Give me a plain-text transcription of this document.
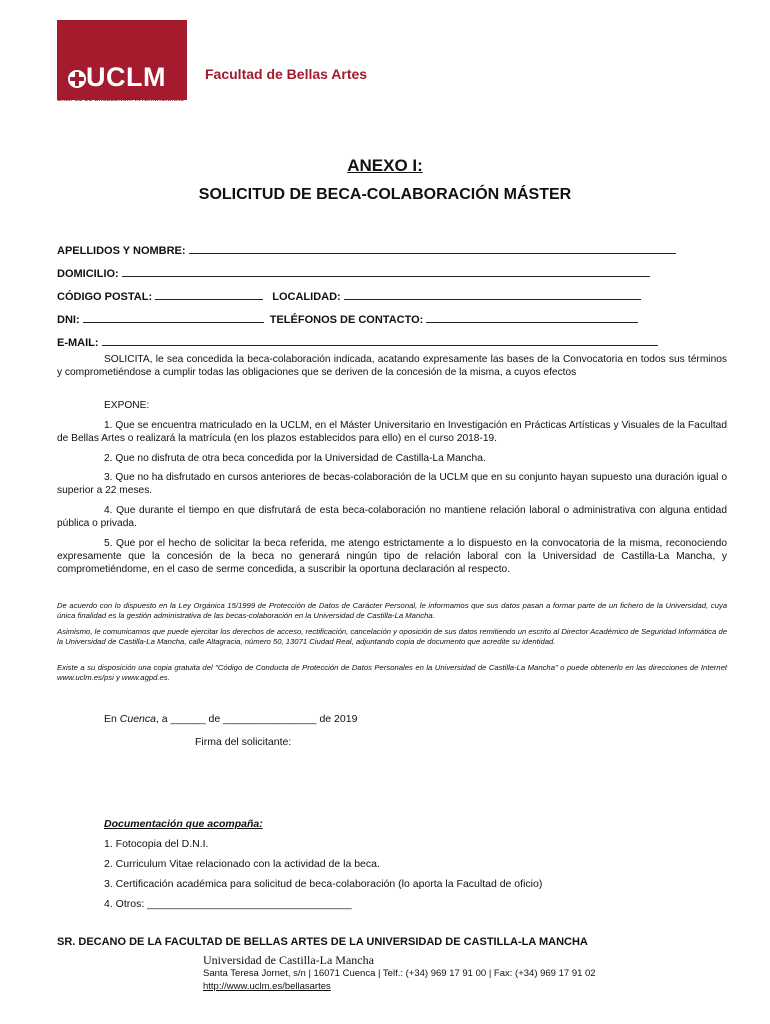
UCLM
CAMPUS DE EXCELENCIA INTERNACIONAL
Facultad de Bellas Artes
ANEXO I:
SOLICITUD DE BECA-COLABORACIÓN MÁSTER
APELLIDOS Y NOMBRE:
DOMICILIO:
CÓDIGO POSTAL:	LOCALIDAD:
DNI:	TELÉFONOS DE CONTACTO:
E-MAIL:
SOLICITA, le sea concedida la beca-colaboración indicada, acatando expresamente las bases de la Convocatoria en todos sus términos y comprometiéndose a cumplir todas las obligaciones que se deriven de la concesión de la misma, a cuyos efectos
EXPONE:
1. Que se encuentra matriculado en la UCLM, en el Máster Universitario en Investigación en Prácticas Artísticas y Visuales de la Facultad de Bellas Artes o realizará la matrícula (en los plazos establecidos para ello) en el curso 2018-19.
2. Que no disfruta de otra beca concedida por la Universidad de Castilla-La Mancha.
3. Que no ha disfrutado en cursos anteriores de becas-colaboración de la UCLM que en su conjunto hayan supuesto una duración igual o superior a 22 meses.
4. Que durante el tiempo en que disfrutará de esta beca-colaboración no mantiene relación laboral o administrativa con alguna entidad pública o privada.
5. Que por el hecho de solicitar la beca referida, me atengo estrictamente a lo dispuesto en la convocatoria de la misma, reconociendo expresamente que la concesión de la beca no generará ningún tipo de relación laboral con la Universidad de Castilla-La Mancha, y comprometiéndome, en el caso de serme concedida, a suscribir la oportuna declaración al respecto.
De acuerdo con lo dispuesto en la Ley Orgánica 15/1999 de Protección de Datos de Carácter Personal, le informamos que sus datos pasan a formar parte de un fichero de la Universidad, cuya única finalidad es la gestión administrativa de las becas-colaboración en la Universidad de Castilla-La Mancha.
Asimismo, le comunicamos que puede ejercitar los derechos de acceso, rectificación, cancelación y oposición de sus datos remitiendo un escrito al Director Académico de Seguridad Informática de la Universidad de Castilla-La Mancha, calle Altagracia, número 50, 13071 Ciudad Real, adjuntando copia de documento que acredite su identidad.
Existe a su disposición una copia gratuita del "Código de Conducta de Protección de Datos Personales en la Universidad de Castilla-La Mancha" o puede obtenerlo en las direcciones de Internet www.uclm.es/psi y www.agpd.es.
En Cuenca, a ______ de ________________ de 2019
Firma del solicitante:
Documentación que acompaña:
1. Fotocopia del D.N.I.
2. Curriculum Vitae relacionado con la actividad de la beca.
3. Certificación académica para solicitud de beca-colaboración (lo aporta la Facultad de oficio)
4. Otros: ___________________________________
SR. DECANO DE LA FACULTAD DE BELLAS ARTES DE LA UNIVERSIDAD DE CASTILLA-LA MANCHA
Universidad de Castilla-La Mancha
Santa Teresa Jornet, s/n | 16071 Cuenca | Telf.: (+34) 969 17 91 00 | Fax: (+34) 969 17 91 02
http://www.uclm.es/bellasartes
